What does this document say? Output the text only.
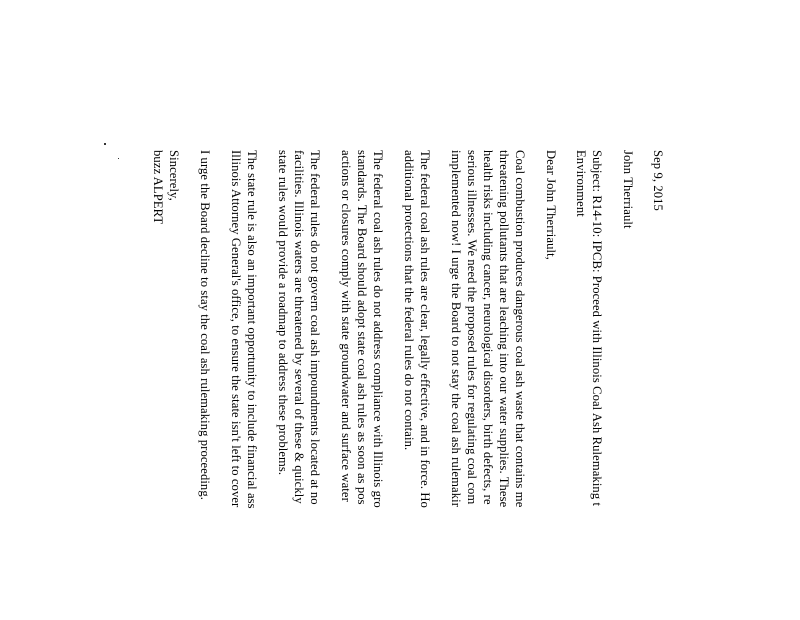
Sep 9, 2015
John Therriault
Subject: R14-10: IPCB: Proceed with Illinois Coal Ash Rulemaking t
Environment
Dear John Therriault,
Coal combustion produces dangerous coal ash waste that contains me
threatening pollutants that are leaching into our water supplies. These
health risks including cancer, neurological disorders, birth defects, re
serious illnesses. We need the proposed rules for regulating coal com
implemented now! I urge the Board to not stay the coal ash rulemakir
The federal coal ash rules are clear, legally effective, and in force. Ho
additional protections that the federal rules do not contain.
The federal coal ash rules do not address compliance with Illinois gro
standards. The Board should adopt state coal ash rules as soon as pos
actions or closures comply with state groundwater and surface water
The federal rules do not govern coal ash impoundments located at no
facilities. Illinois waters are threatened by several of these & quickly
state rules would provide a roadmap to address these problems.
The state rule is also an important opportunity to include financial ass
Illinois Attorney General's office, to ensure the state isn't left to cover
I urge the Board decline to stay the coal ash rulemaking proceeding.
Sincerely,
buzz ALPERT
